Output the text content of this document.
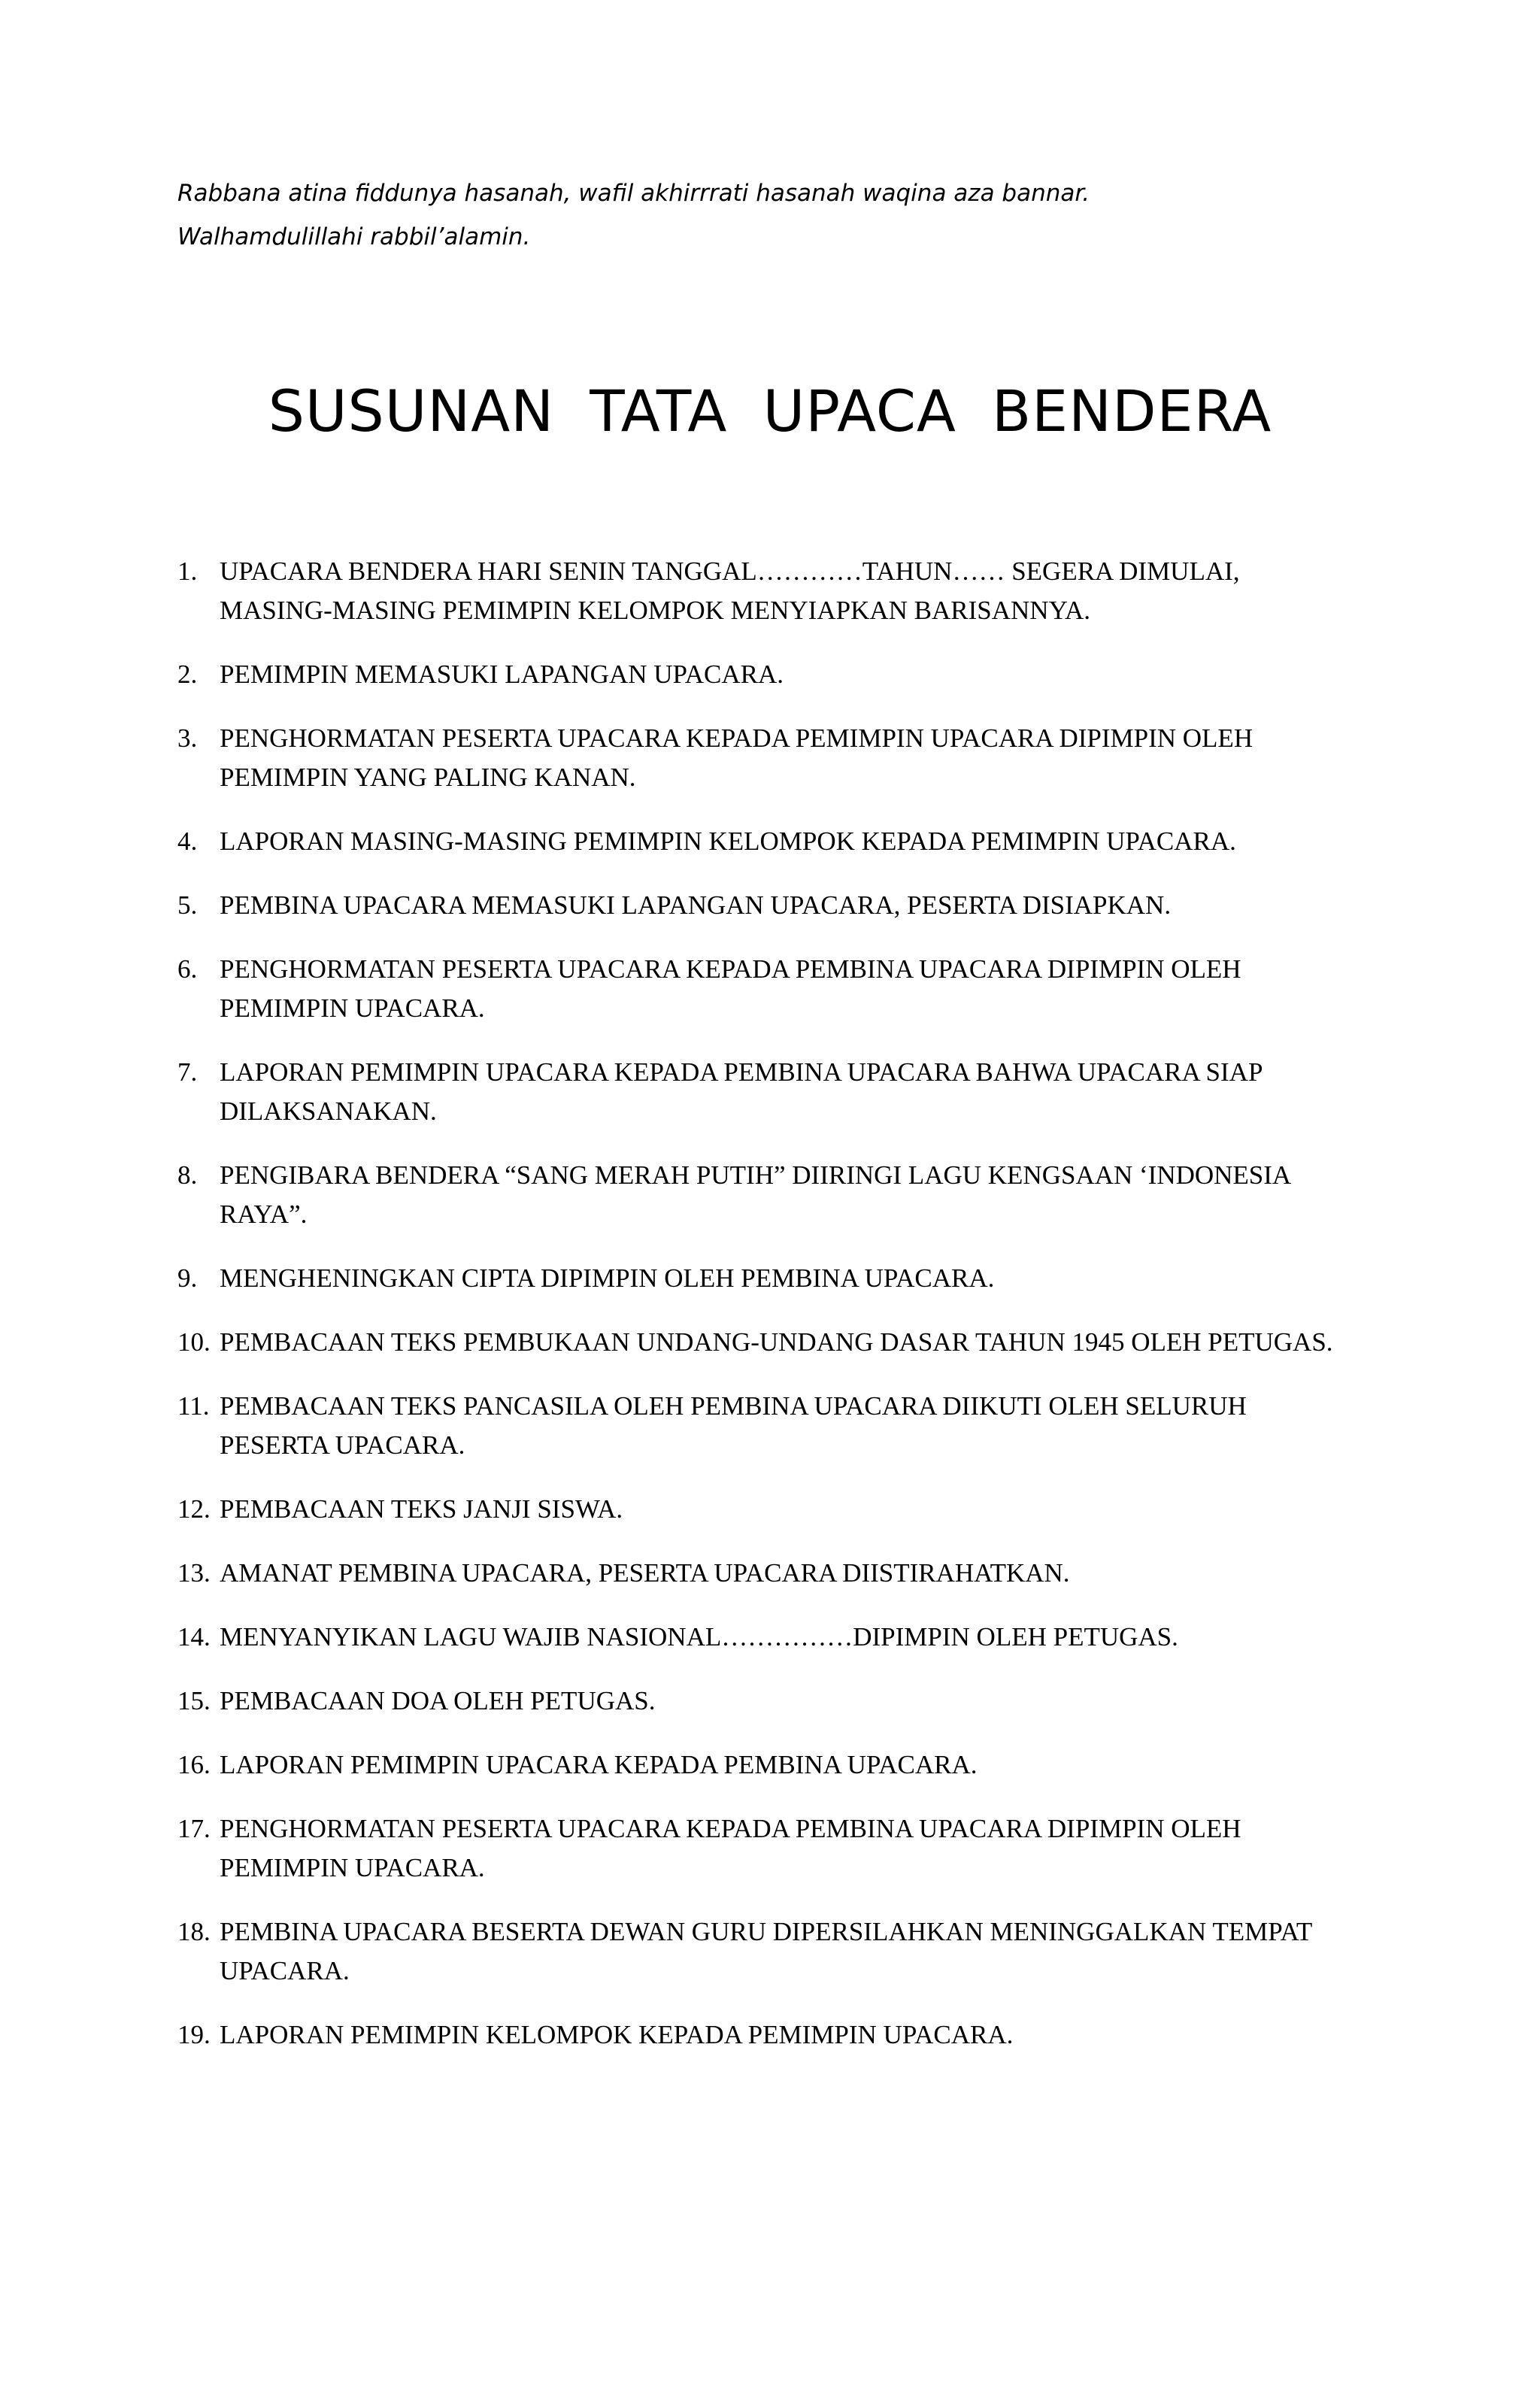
Rabbana atina fiddunya hasanah, wafil akhirrrati hasanah waqina aza bannar.

Walhamdulillahi rabbil’alamin.

SUSUNAN TATA UPACA BENDERA
1. UPACARA BENDERA HARI SENIN TANGGAL…………TAHUN…… SEGERA DIMULAI, MASING-MASING PEMIMPIN KELOMPOK MENYIAPKAN BARISANNYA.
2. PEMIMPIN MEMASUKI LAPANGAN UPACARA.
3. PENGHORMATAN PESERTA UPACARA KEPADA PEMIMPIN UPACARA DIPIMPIN OLEH PEMIMPIN YANG PALING KANAN.
4. LAPORAN MASING-MASING PEMIMPIN KELOMPOK KEPADA PEMIMPIN UPACARA.
5. PEMBINA UPACARA MEMASUKI LAPANGAN UPACARA, PESERTA DISIAPKAN.
6. PENGHORMATAN PESERTA UPACARA KEPADA PEMBINA UPACARA DIPIMPIN OLEH PEMIMPIN UPACARA.
7. LAPORAN PEMIMPIN UPACARA KEPADA PEMBINA UPACARA BAHWA UPACARA SIAP DILAKSANAKAN.
8. PENGIBARA BENDERA “SANG MERAH PUTIH” DIIRINGI LAGU KENGSAAN ‘INDONESIA RAYA”.
9. MENGHENINGKAN CIPTA DIPIMPIN OLEH PEMBINA UPACARA.
10. PEMBACAAN TEKS PEMBUKAAN UNDANG-UNDANG DASAR TAHUN 1945 OLEH PETUGAS.
11. PEMBACAAN TEKS PANCASILA OLEH PEMBINA UPACARA DIIKUTI OLEH SELURUH PESERTA UPACARA.
12. PEMBACAAN TEKS JANJI SISWA.
13. AMANAT PEMBINA UPACARA, PESERTA UPACARA DIISTIRAHATKAN.
14. MENYANYIKAN LAGU WAJIB NASIONAL……………DIPIMPIN OLEH PETUGAS.
15. PEMBACAAN DOA OLEH PETUGAS.
16. LAPORAN PEMIMPIN UPACARA KEPADA PEMBINA UPACARA.
17. PENGHORMATAN PESERTA UPACARA KEPADA PEMBINA UPACARA DIPIMPIN OLEH PEMIMPIN UPACARA.
18. PEMBINA UPACARA BESERTA DEWAN GURU DIPERSILAHKAN MENINGGALKAN TEMPAT UPACARA.
19. LAPORAN PEMIMPIN KELOMPOK KEPADA PEMIMPIN UPACARA.
